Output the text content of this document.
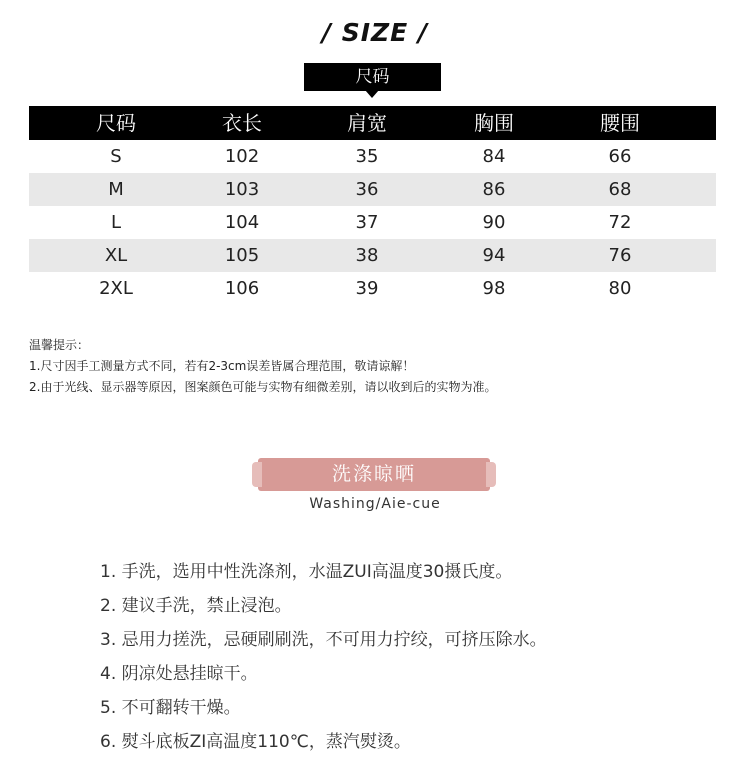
/ SIZE /
尺码
尺码	衣长	肩宽	胸围	腰围
S	102	35	84	66
M	103	36	86	68
L	104	37	90	72
XL	105	38	94	76
2XL	106	39	98	80
温馨提示：
1.尺寸因手工测量方式不同，若有2-3cm误差皆属合理范围，敬请谅解！
2.由于光线、显示器等原因，图案颜色可能与实物有细微差别，请以收到后的实物为准。
洗涤晾晒
Washing/Aie-cue
1. 手洗，选用中性洗涤剂，水温ZUI高温度30摄氏度。
2. 建议手洗，禁止浸泡。
3. 忌用力搓洗，忌硬刷刷洗，不可用力拧绞，可挤压除水。
4. 阴凉处悬挂晾干。
5. 不可翻转干燥。
6. 熨斗底板ZI高温度110℃，蒸汽熨烫。
